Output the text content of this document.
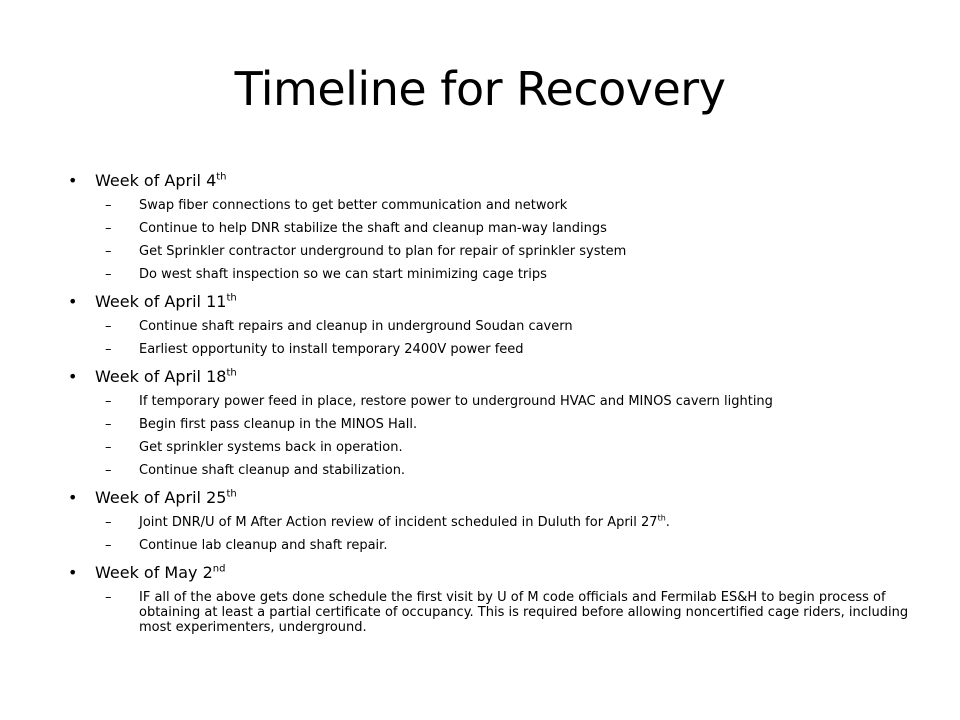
Timeline for Recovery
• Week of April 4th
– Swap fiber connections to get better communication and network
– Continue to help DNR stabilize the shaft and cleanup man-way landings
– Get Sprinkler contractor underground to plan for repair of sprinkler system
– Do west shaft inspection so we can start minimizing cage trips
• Week of April 11th
– Continue shaft repairs and cleanup in underground Soudan cavern
– Earliest opportunity to install temporary 2400V power feed
• Week of April 18th
– If temporary power feed in place, restore power to underground HVAC and MINOS cavern lighting
– Begin first pass cleanup in the MINOS Hall.
– Get sprinkler systems back in operation.
– Continue shaft cleanup and stabilization.
• Week of April 25th
– Joint DNR/U of M After Action review of incident scheduled in Duluth for April 27th.
– Continue lab cleanup and shaft repair.
• Week of May 2nd
– IF all of the above gets done schedule the first visit by U of M code officials and Fermilab ES&H to begin process of obtaining at least a partial certificate of occupancy. This is required before allowing noncertified cage riders, including most experimenters, underground.
